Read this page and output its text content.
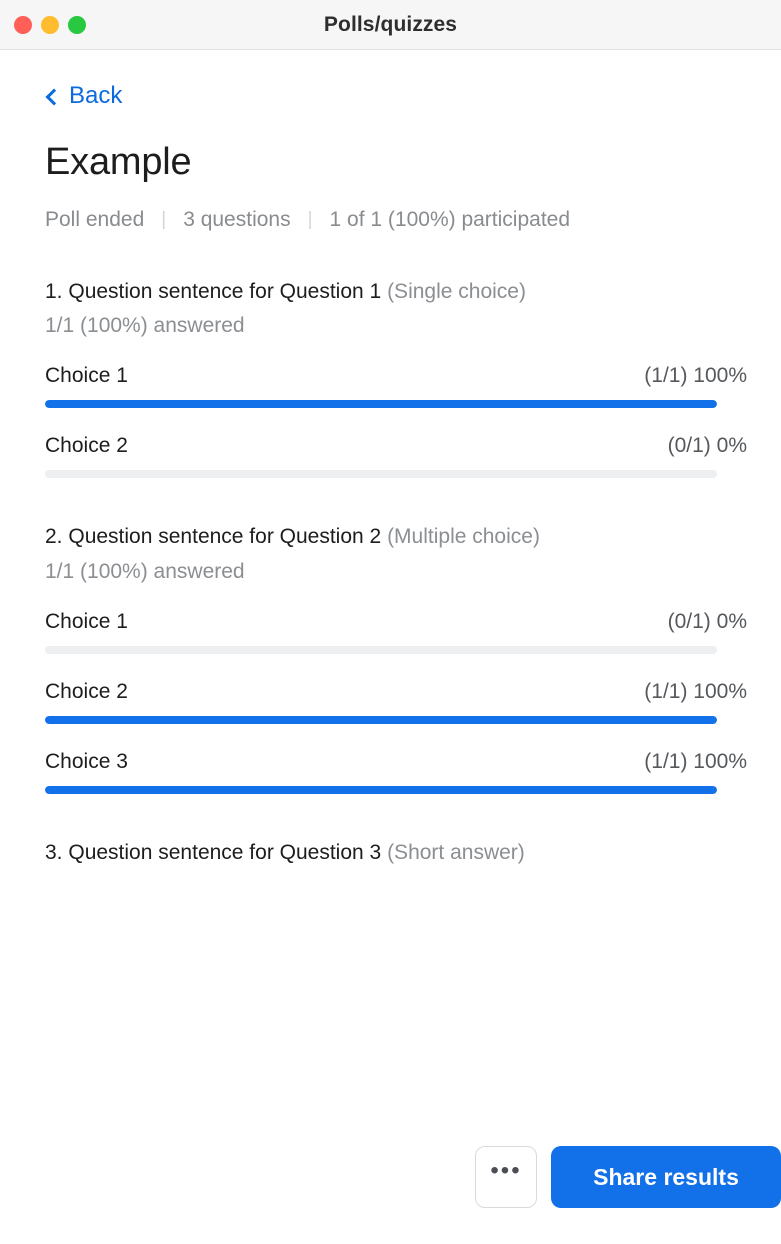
Polls/quizzes
Back
Example
Poll ended | 3 questions | 1 of 1 (100%) participated
1. Question sentence for Question 1 (Single choice)
1/1 (100%) answered
Choice 1	(1/1) 100%
Choice 2	(0/1) 0%
2. Question sentence for Question 2 (Multiple choice)
1/1 (100%) answered
Choice 1	(0/1) 0%
Choice 2	(1/1) 100%
Choice 3	(1/1) 100%
3. Question sentence for Question 3 (Short answer)
•••	Share results
